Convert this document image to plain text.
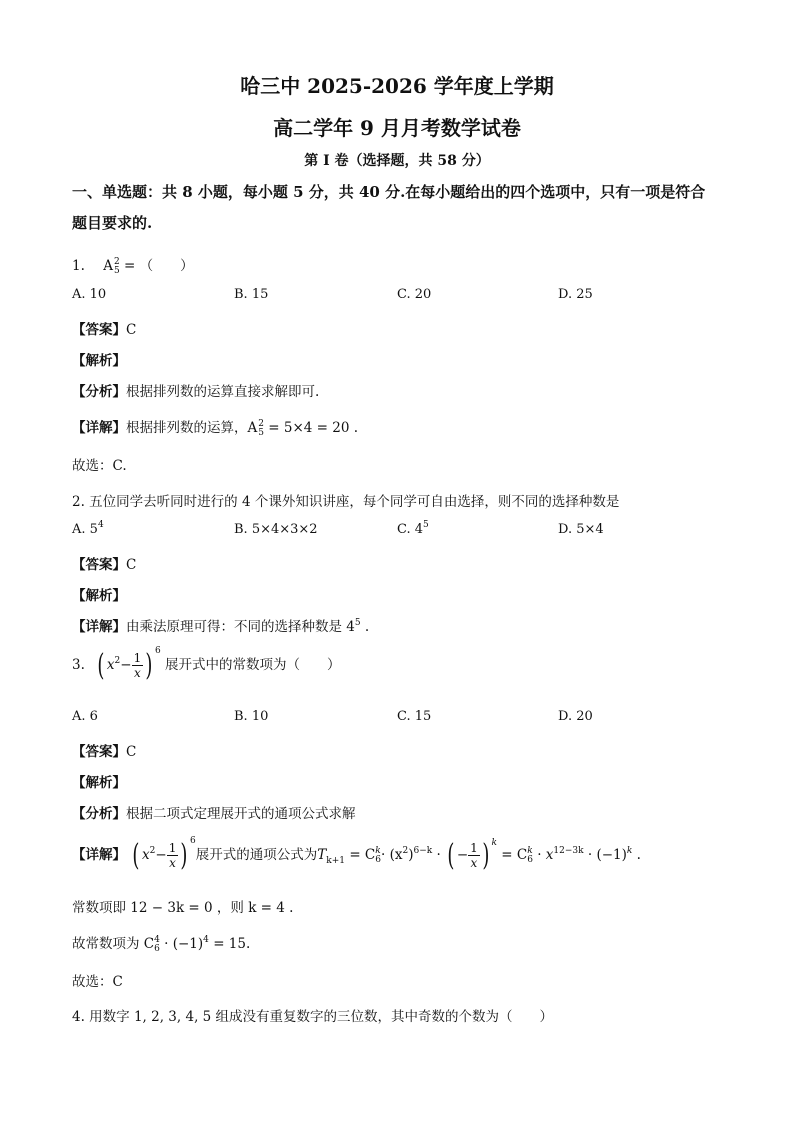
哈三中 2025-2026 学年度上学期
高二学年 9 月月考数学试卷
第 I 卷（选择题，共 58 分）
一、单选题：共 8 小题，每小题 5 分，共 40 分.在每小题给出的四个选项中，只有一项是符合
题目要求的.
1. A 2
5 = （　　）
A. 10	B. 15	C. 20	D. 25
【答案】C
【解析】
【分析】根据排列数的运算直接求解即可.
【详解】根据排列数的运算，A 2
5 = 5×4 = 20 .
故选：C.
2. 五位同学去听同时进行的 4 个课外知识讲座，每个同学可自由选择，则不同的选择种数是
A. $5^4$	B. 5×4×3×2	C. $4^5$	D. 5×4
【答案】C
【解析】
【详解】由乘法原理可得：不同的选择种数是 $4^5$ .
3. ( $x^2- \frac{1}{x}$ ) $^6$ 展开式中的常数项为（　　）
A. 6	B. 10	C. 15	D. 20
【答案】C
【解析】
【分析】根据二项式定理展开式的通项公式求解
【详解】 ( $x^2- \frac{1}{x}$ ) $^6$展开式的通项公式为$T_{k+1} = C$ k
$6 \cdot (x^2)^{6-k}$ · ( − $\frac{1}{x}$ ) $^k$ = C k
$6 \cdot x^{12-3k} \cdot (-1)^k$ .
常数项即 12 − 3k = 0 ，则 k = 4 .
故常数项为 C 4
$6 \cdot (-1)^4 = 15$.
故选：C
4. 用数字 1, 2, 3, 4, 5 组成没有重复数字的三位数，其中奇数的个数为（　　）
